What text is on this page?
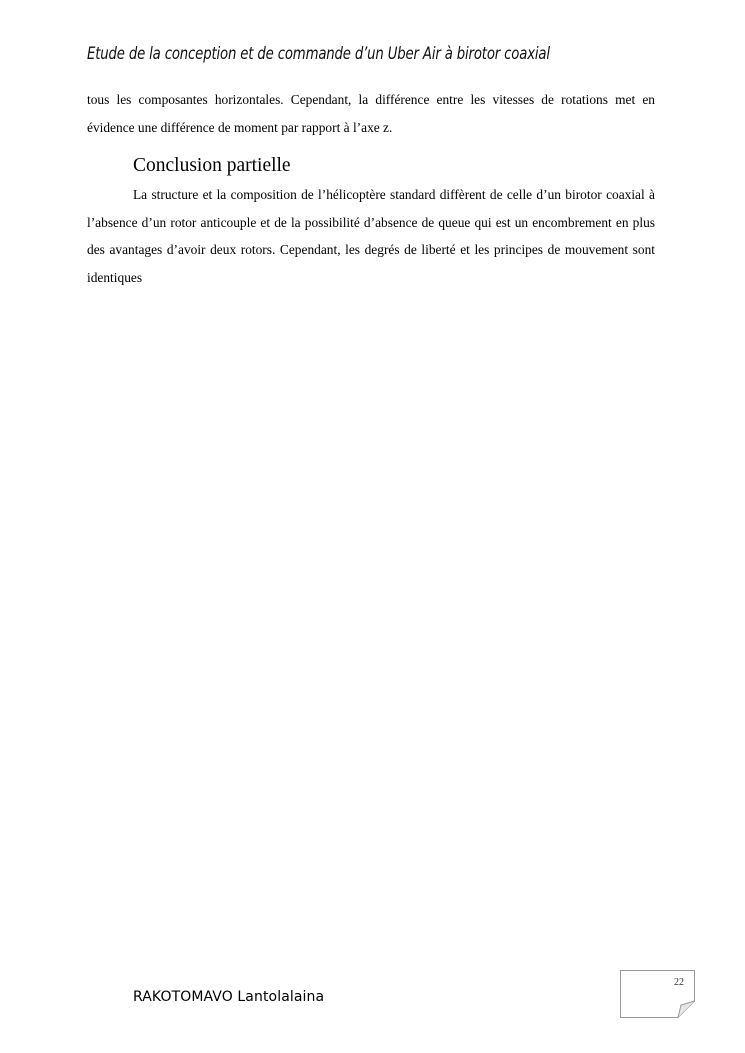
Etude de la conception et de commande d’un Uber Air à birotor coaxial

tous les composantes horizontales. Cependant, la différence entre les vitesses de rotations met en évidence une différence de moment par rapport à l’axe z.

Conclusion partielle

La structure et la composition de l’hélicoptère standard diffèrent de celle d’un birotor coaxial à l’absence d’un rotor anticouple et de la possibilité d’absence de queue qui est un encombrement en plus des avantages d’avoir deux rotors. Cependant, les degrés de liberté et les principes de mouvement sont identiques

RAKOTOMAVO Lantolalaina
22
